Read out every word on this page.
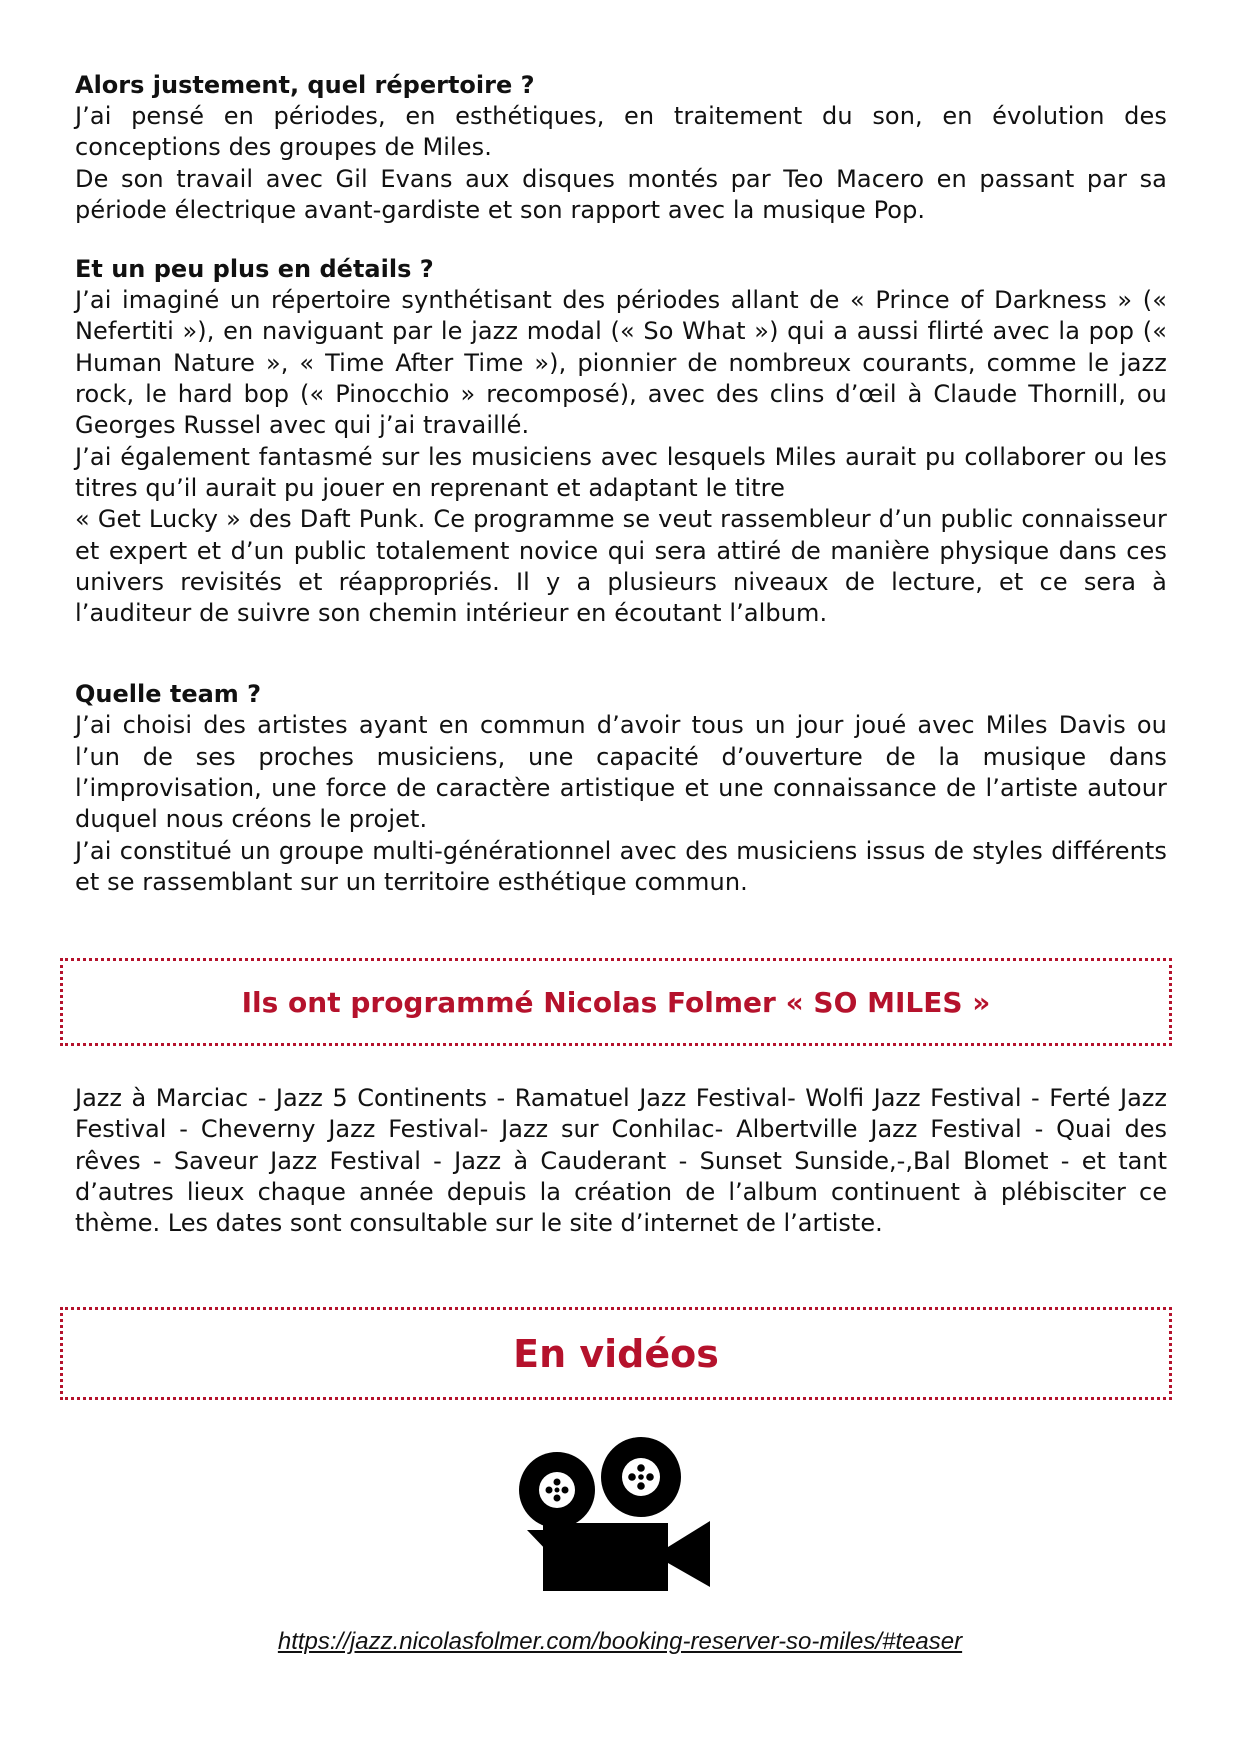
Alors justement, quel répertoire ?

J’ai pensé en périodes, en esthétiques, en traitement du son, en évolution des conceptions des groupes de Miles.

De son travail avec Gil Evans aux disques montés par Teo Macero en passant par sa période électrique avant-gardiste et son rapport avec la musique Pop.

Et un peu plus en détails ?

J’ai imaginé un répertoire synthétisant des périodes allant de « Prince of Darkness » (« Nefertiti »), en naviguant par le jazz modal (« So What ») qui a aussi flirté avec la pop (« Human Nature », « Time After Time »), pionnier de nombreux courants, comme le jazz rock, le hard bop (« Pinocchio » recomposé), avec des clins d’œil à Claude Thornill, ou Georges Russel avec qui j’ai travaillé.

J’ai également fantasmé sur les musiciens avec lesquels Miles aurait pu collaborer ou les titres qu’il aurait pu jouer en reprenant et adaptant le titre

« Get Lucky » des Daft Punk. Ce programme se veut rassembleur d’un public connaisseur et expert et d’un public totalement novice qui sera attiré de manière physique dans ces univers revisités et réappropriés. Il y a plusieurs niveaux de lecture, et ce sera à l’auditeur de suivre son chemin intérieur en écoutant l’album.

Quelle team ?

J’ai choisi des artistes ayant en commun d’avoir tous un jour joué avec Miles Davis ou l’un de ses proches musiciens, une capacité d’ouverture de la musique dans l’improvisation, une force de caractère artistique et une connaissance de l’artiste autour duquel nous créons le projet.

J’ai constitué un groupe multi-générationnel avec des musiciens issus de styles différents et se rassemblant sur un territoire esthétique commun.

Ils ont programmé Nicolas Folmer « SO MILES »

Jazz à Marciac - Jazz 5 Continents - Ramatuel Jazz Festival- Wolfi Jazz Festival - Ferté Jazz Festival - Cheverny Jazz Festival- Jazz sur Conhilac- Albertville Jazz Festival - Quai des rêves - Saveur Jazz Festival - Jazz à Cauderant - Sunset Sunside,-,Bal Blomet - et tant d’autres lieux chaque année depuis la création de l’album continuent à plébisciter ce thème. Les dates sont consultable sur le site d’internet de l’artiste.

En vidéos
https://jazz.nicolasfolmer.com/booking-reserver-so-miles/#teaser
